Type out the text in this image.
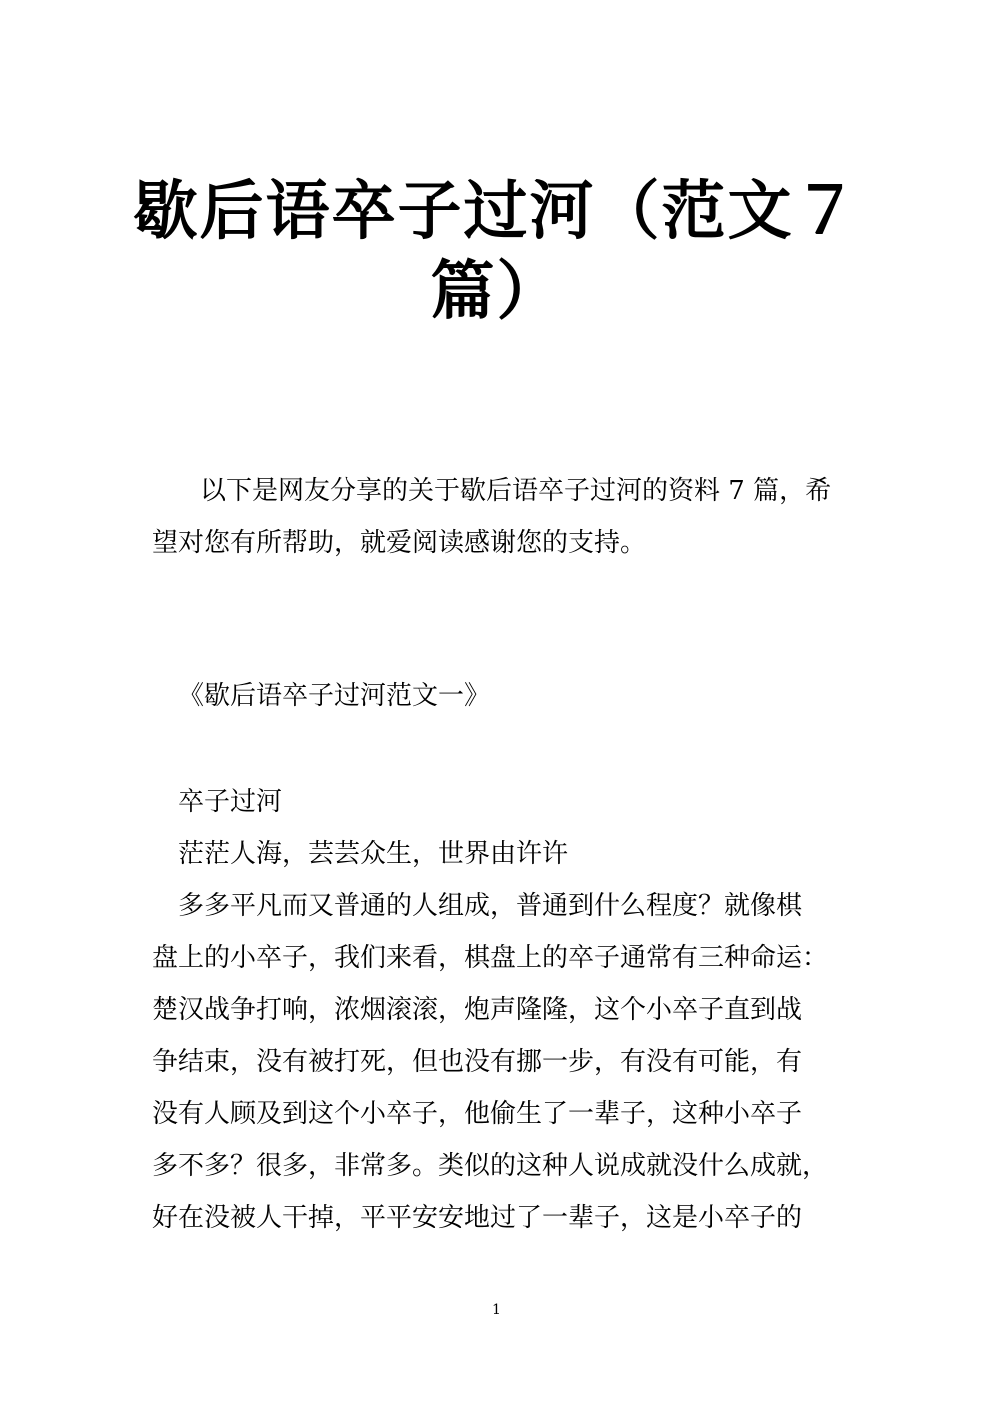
歇后语卒子过河（范文７
篇）
以下是网友分享的关于歇后语卒子过河的资料 7 篇，希
望对您有所帮助，就爱阅读感谢您的支持。
《歇后语卒子过河范文一》
卒子过河
茫茫人海，芸芸众生，世界由许许
多多平凡而又普通的人组成，普通到什么程度？就像棋
盘上的小卒子，我们来看，棋盘上的卒子通常有三种命运：
楚汉战争打响，浓烟滚滚，炮声隆隆，这个小卒子直到战
争结束，没有被打死，但也没有挪一步，有没有可能，有
没有人顾及到这个小卒子，他偷生了一辈子，这种小卒子
多不多？很多，非常多。类似的这种人说成就没什么成就，
好在没被人干掉，平平安安地过了一辈子，这是小卒子的
1
